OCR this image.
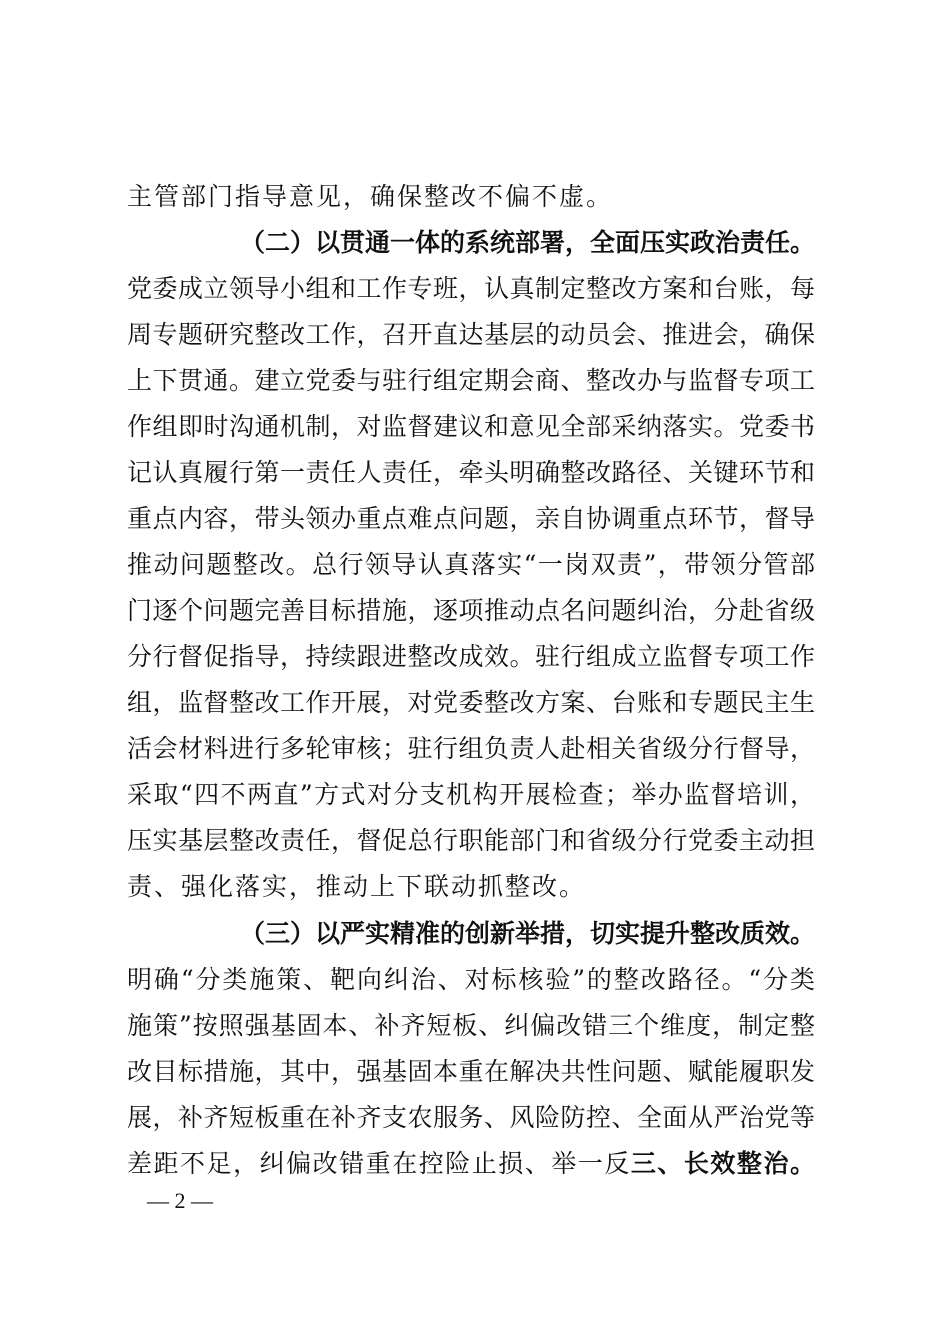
主管部门指导意见，确保整改不偏不虚。
（二）以贯通一体的系统部署，全面压实政治责任。
党委成立领导小组和工作专班，认真制定整改方案和台账，每
周专题研究整改工作，召开直达基层的动员会、推进会，确保
上下贯通。建立党委与驻行组定期会商、整改办与监督专项工
作组即时沟通机制，对监督建议和意见全部采纳落实。党委书
记认真履行第一责任人责任，牵头明确整改路径、关键环节和
重点内容，带头领办重点难点问题，亲自协调重点环节，督导
推动问题整改。总行领导认真落实“一岗双责”，带领分管部
门逐个问题完善目标措施，逐项推动点名问题纠治，分赴省级
分行督促指导，持续跟进整改成效。驻行组成立监督专项工作
组，监督整改工作开展，对党委整改方案、台账和专题民主生
活会材料进行多轮审核；驻行组负责人赴相关省级分行督导，
采取“四不两直”方式对分支机构开展检查；举办监督培训，
压实基层整改责任，督促总行职能部门和省级分行党委主动担
责、强化落实，推动上下联动抓整改。
（三）以严实精准的创新举措，切实提升整改质效。
明确“分类施策、靶向纠治、对标核验”的整改路径。“分类
施策”按照强基固本、补齐短板、纠偏改错三个维度，制定整
改目标措施，其中，强基固本重在解决共性问题、赋能履职发
展，补齐短板重在补齐支农服务、风险防控、全面从严治党等
差距不足，纠偏改错重在控险止损、举一反三、长效整治。
— 2 —
